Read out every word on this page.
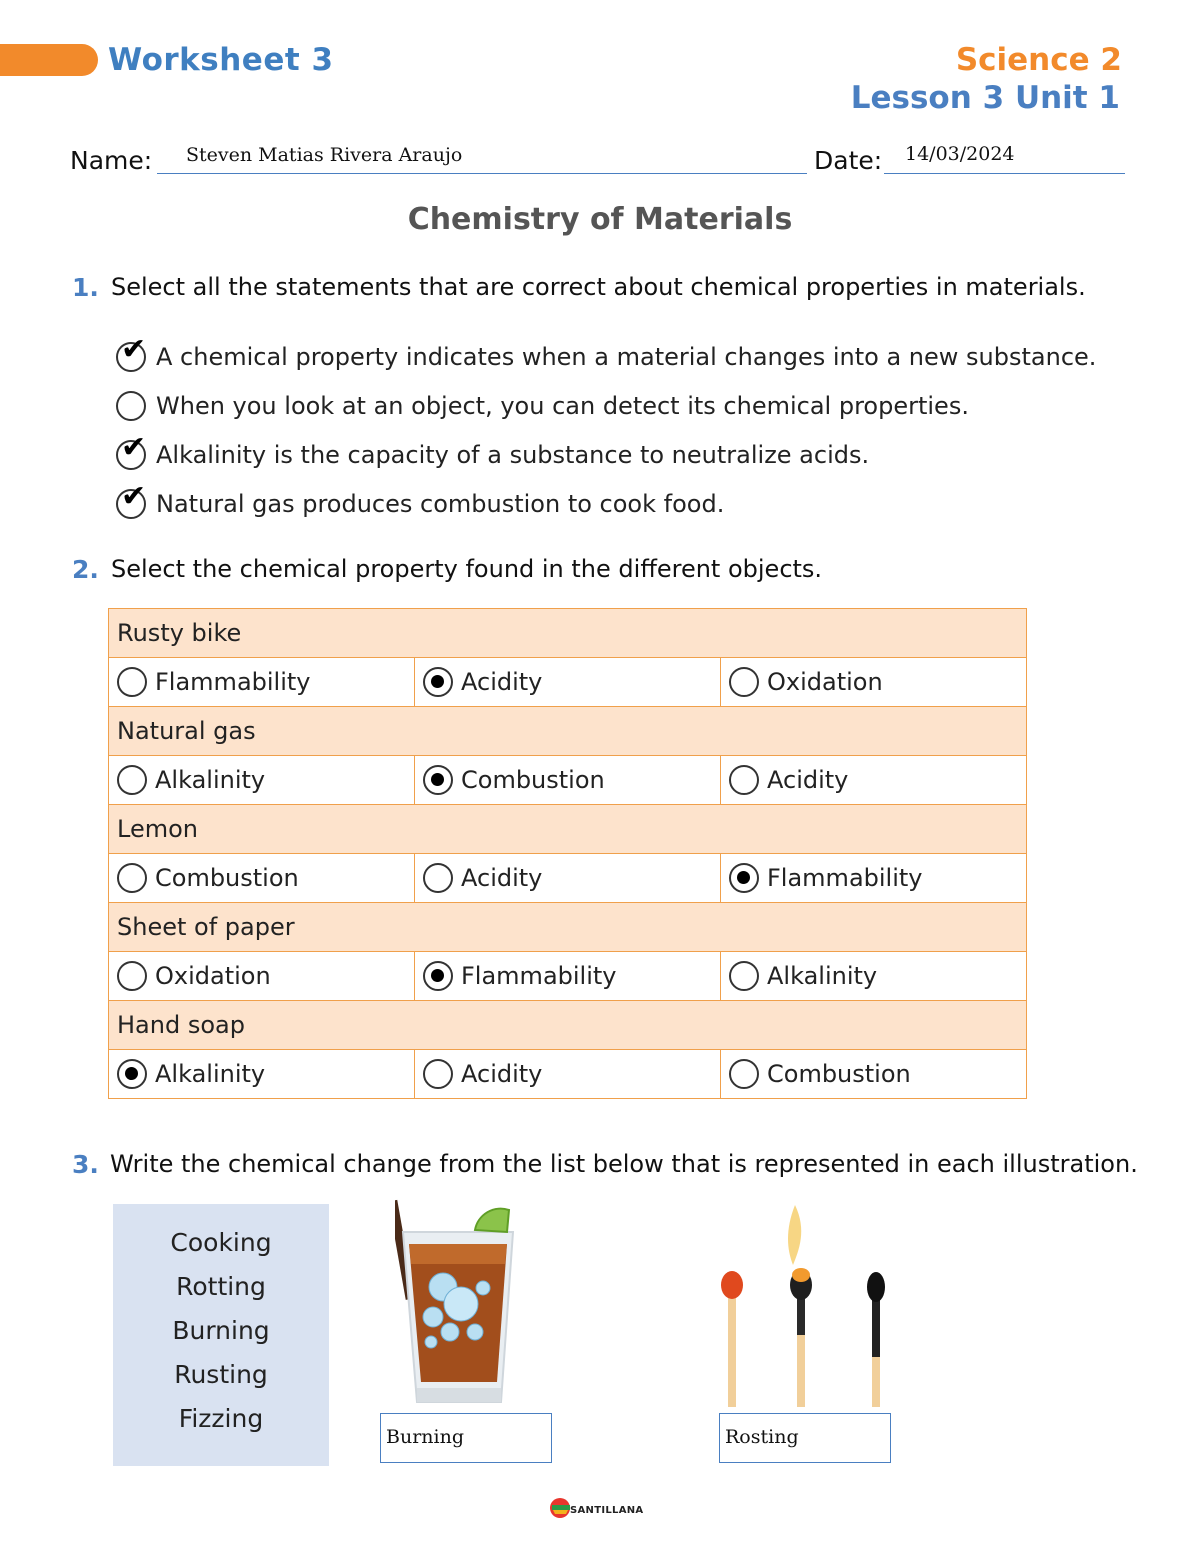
Worksheet 3	Science 2
Lesson 3 Unit 1
Name: Steven Matias Rivera Araujo	Date: 14/03/2024
Chemistry of Materials
1. Select all the statements that are correct about chemical properties in materials.
✔ A chemical property indicates when a material changes into a new substance.
When you look at an object, you can detect its chemical properties.
✔ Alkalinity is the capacity of a substance to neutralize acids.
✔ Natural gas produces combustion to cook food.
2. Select the chemical property found in the different objects.
Rusty bike		

Flammability	Acidity	Oxidation

Natural gas		

Alkalinity	Combustion	Acidity

Lemon		

Combustion	Acidity	Flammability

Sheet of paper		

Oxidation	Flammability	Alkalinity

Hand soap		

Alkalinity	Acidity	Combustion
3. Write the chemical change from the list below that is represented in each illustration.
Cooking
Rotting
Burning
Rusting
Fizzing
Burning	Rosting
SANTILLANA
